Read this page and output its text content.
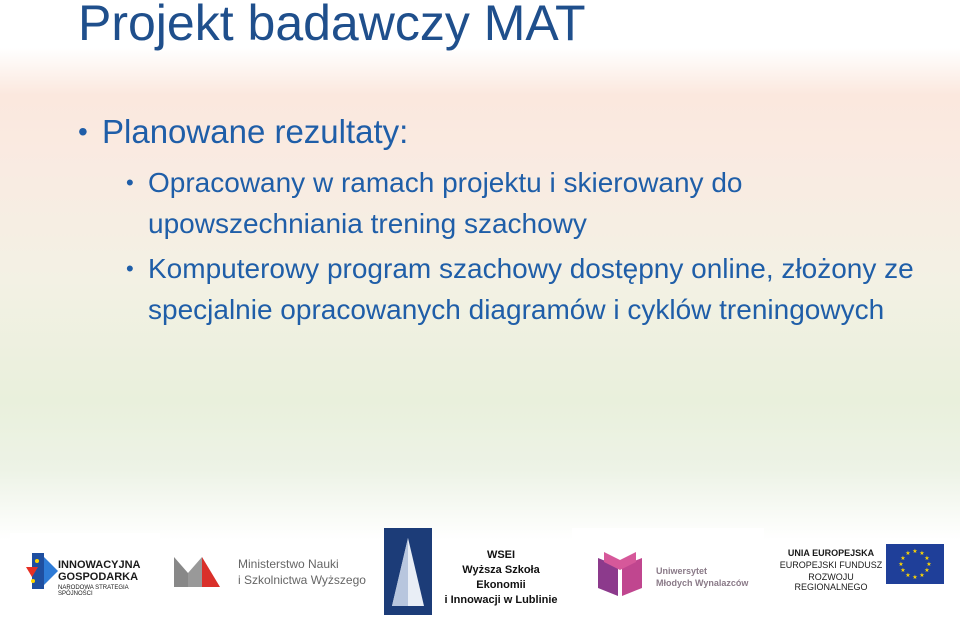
Projekt badawczy MAT
• Planowane rezultaty:
• Opracowany w ramach projektu i skierowany do upowszechniania trening szachowy
• Komputerowy program szachowy dostępny online, złożony ze specjalnie opracowanych diagramów i cyklów treningowych
INNOWACYJNA
GOSPODARKA
NARODOWA STRATEGIA SPÓJNOŚCI
Ministerstwo Nauki
i Szkolnictwa Wyższego
WSEI
Wyższa Szkoła Ekonomii
i Innowacji w Lublinie
Uniwersytet
Młodych Wynalazców
UNIA EUROPEJSKA
EUROPEJSKI FUNDUSZ
ROZWOJU REGIONALNEGO
★ ★
★
★
★
★
★
★
★
★
★
★
